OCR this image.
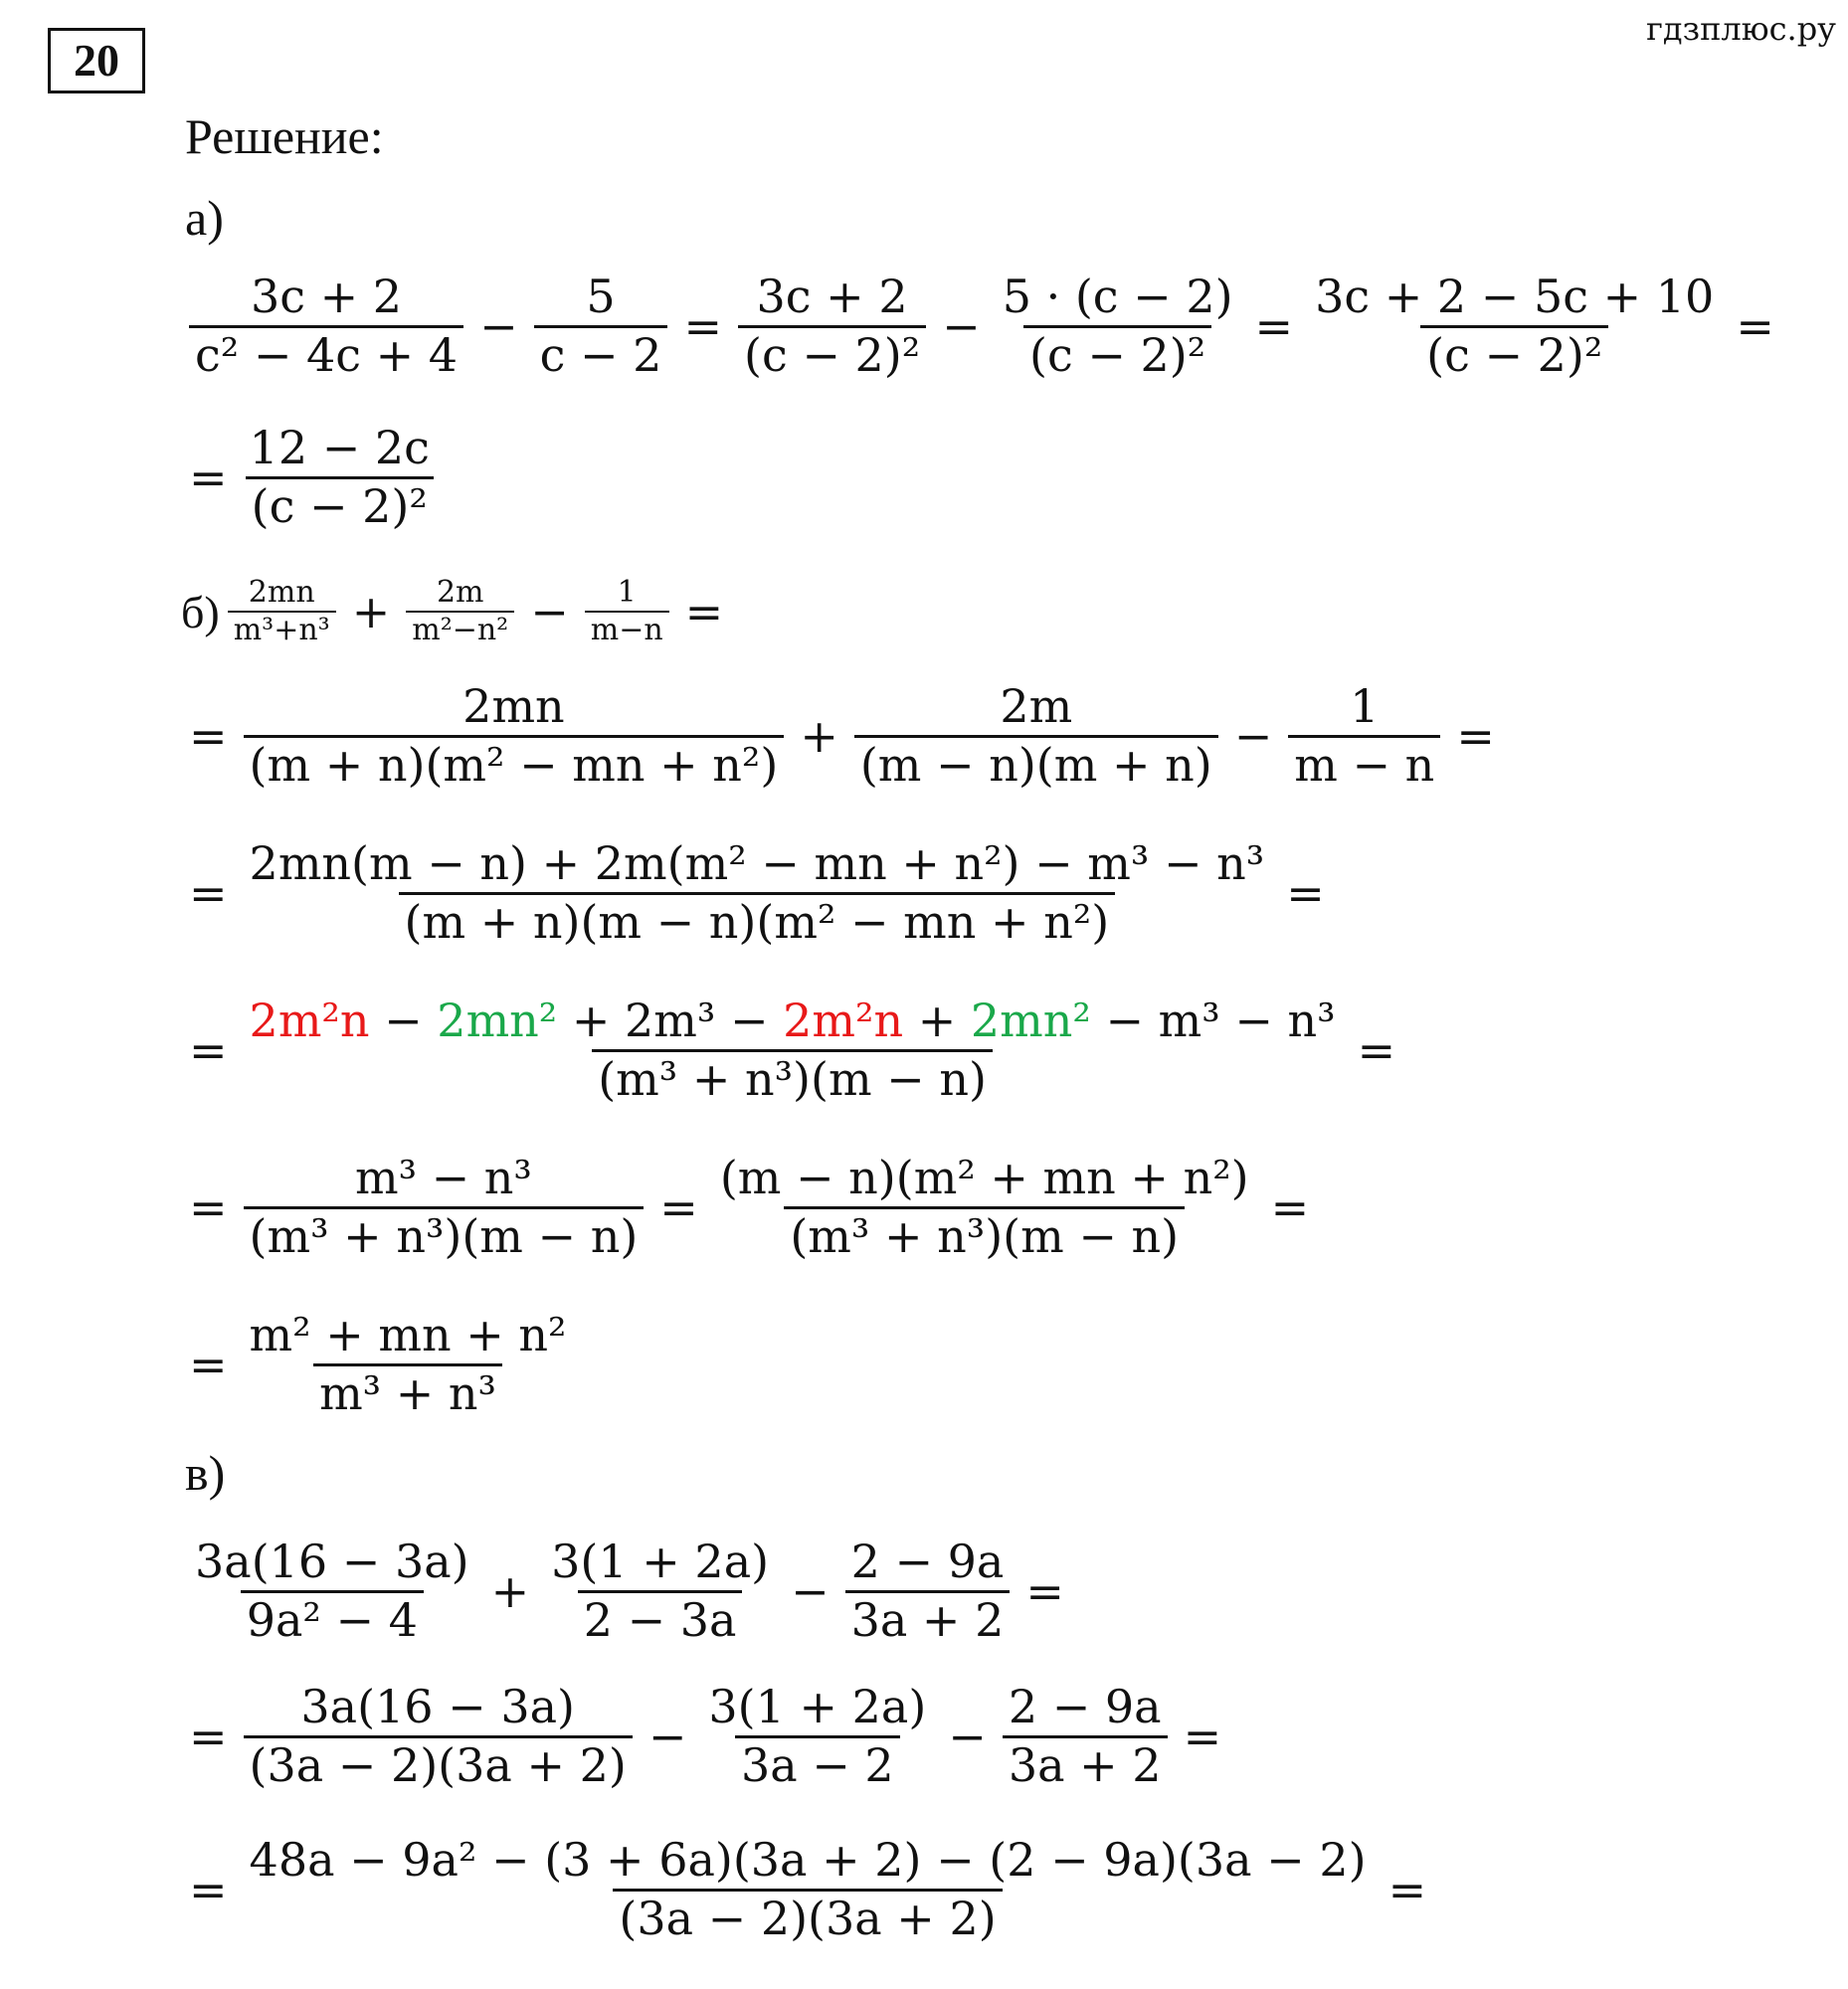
20
гдзплюс.ру
Решение:
а)
$\frac{3c + 2}{\text{c² − 4c + 4}} - \frac{5}{c - 2} = \frac{3c + 2}{\text{(c − 2)²}} - \frac{5 \cdot (c - 2)}{\text{(c − 2)²}} = \frac{3c + 2 - 5c + 10}{\text{(c − 2)²}}$ =
= $\frac{12 - 2c}{\text{(c − 2)²}}$
$б) \frac{2mn}{\text{m³+n³}} + \frac{2m}{\text{m²−n²}} - \frac{1}{m-n}$ =
= $\frac{2mn}{\text{(m + n)(m² − mn + n²)}} + \frac{2m}{(m - n)(m + n)} - \frac{1}{m - n}$ =
= $\frac{\text{2mn(m − n) + 2m(m² − mn + n²) − m³ − n³}}{\text{(m + n)(m − n)(m² − mn + n²)}}$ =
= $\frac{\text{2m²n − 2mn² + 2m³ − 2m²n + 2mn² − m³ − n³}}{\text{(m³ + n³)(m − n)}}$ =
= $\frac{\text{m³ − n³}}{\text{(m³ + n³)(m − n)}} = \frac{\text{(m − n)(m² + mn + n²)}}{\text{(m³ + n³)(m − n)}}$ =
= $\frac{\text{m² + mn + n²}}{\text{m³ + n³}}$
в)
$\frac{3a(16 - 3a)}{\text{9a² − 4}} + \frac{3(1 + 2a)}{2 - 3a} - \frac{2 - 9a}{3a + 2}$ =
= $\frac{3a(16 - 3a)}{(3a - 2)(3a + 2)} - \frac{3(1 + 2a)}{3a - 2} - \frac{2 - 9a}{3a + 2}$ =
= $\frac{\text{48a − 9a² − (3 + 6a)(3a + 2) − (2 − 9a)(3a − 2)}}{(3a - 2)(3a + 2)}$ =
